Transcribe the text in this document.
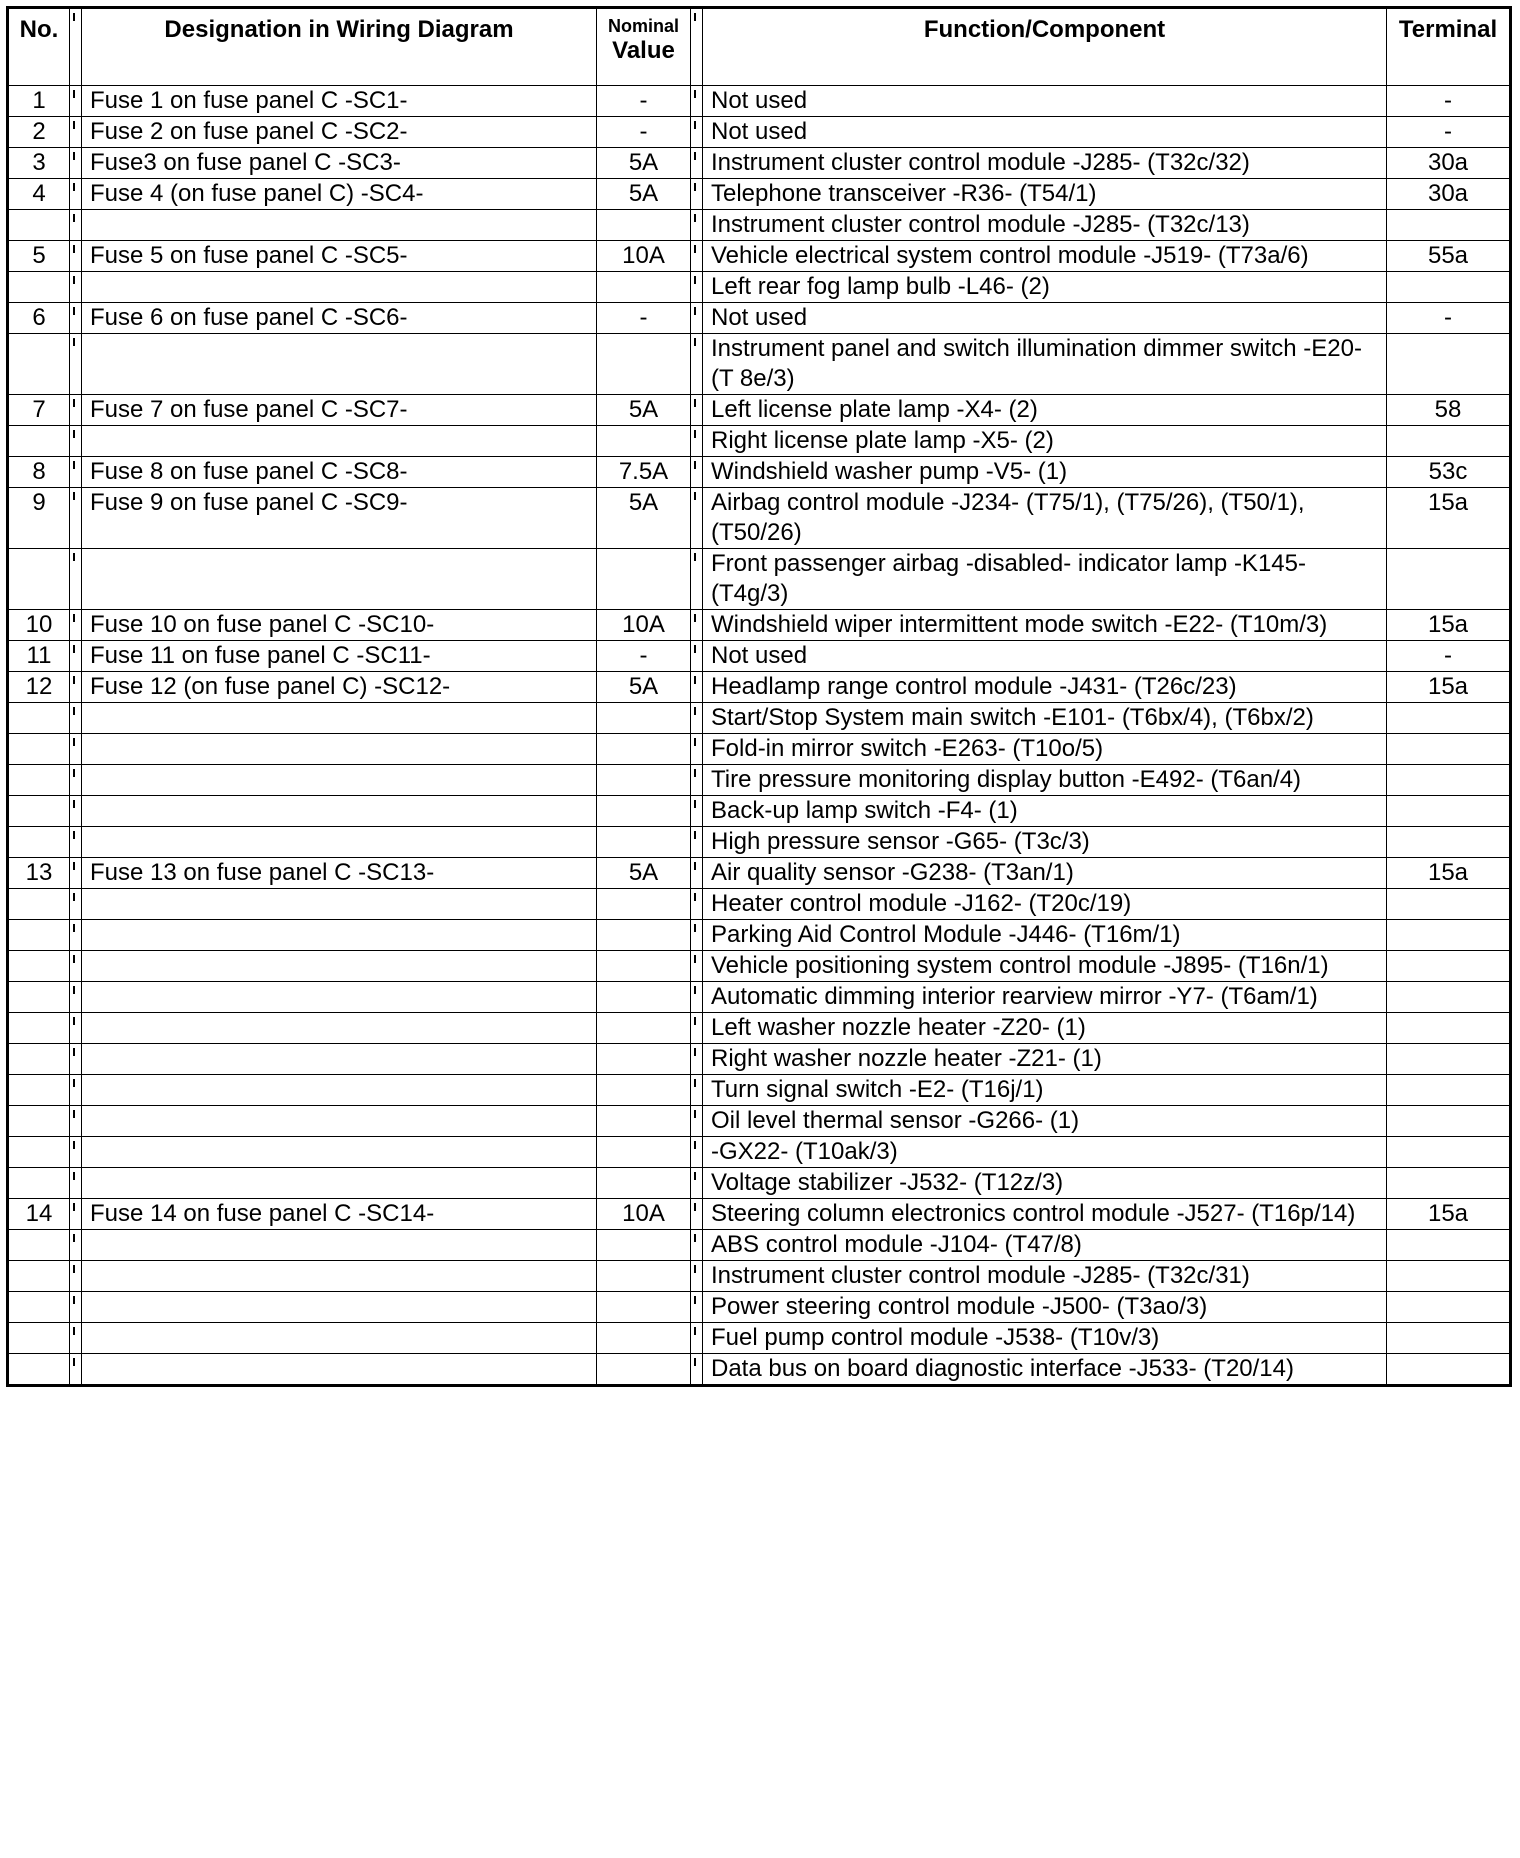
No.		Designation in Wiring Diagram	Nominal
Value		Function/Component	Terminal
1		Fuse 1 on fuse panel C -SC1-	-		Not used	-
2		Fuse 2 on fuse panel C -SC2-	-		Not used	-
3		Fuse3 on fuse panel C -SC3-	5A		Instrument cluster control module -J285- (T32c/32)	30a
4		Fuse 4 (on fuse panel C) -SC4-	5A		Telephone transceiver -R36- (T54/1)	30a
					Instrument cluster control module -J285- (T32c/13)	
5		Fuse 5 on fuse panel C -SC5-	10A		Vehicle electrical system control module -J519- (T73a/6)	55a
					Left rear fog lamp bulb -L46- (2)	
6		Fuse 6 on fuse panel C -SC6-	-		Not used	-
					Instrument panel and switch illumination dimmer switch -E20- (T 8e/3)	
7		Fuse 7 on fuse panel C -SC7-	5A		Left license plate lamp -X4- (2)	58
					Right license plate lamp -X5- (2)	
8		Fuse 8 on fuse panel C -SC8-	7.5A		Windshield washer pump -V5- (1)	53c
9		Fuse 9 on fuse panel C -SC9-	5A		Airbag control module -J234- (T75/1), (T75/26), (T50/1), (T50/26)	15a
					Front passenger airbag -disabled- indicator lamp -K145- (T4g/3)	
10		Fuse 10 on fuse panel C -SC10-	10A		Windshield wiper intermittent mode switch -E22- (T10m/3)	15a
11		Fuse 11 on fuse panel C -SC11-	-		Not used	-
12		Fuse 12 (on fuse panel C) -SC12-	5A		Headlamp range control module -J431- (T26c/23)	15a
					Start/Stop System main switch -E101- (T6bx/4), (T6bx/2)	
					Fold-in mirror switch -E263- (T10o/5)	
					Tire pressure monitoring display button -E492- (T6an/4)	
					Back-up lamp switch -F4- (1)	
					High pressure sensor -G65- (T3c/3)	
13		Fuse 13 on fuse panel C -SC13-	5A		Air quality sensor -G238- (T3an/1)	15a
					Heater control module -J162- (T20c/19)	
					Parking Aid Control Module -J446- (T16m/1)	
					Vehicle positioning system control module -J895- (T16n/1)	
					Automatic dimming interior rearview mirror -Y7- (T6am/1)	
					Left washer nozzle heater -Z20- (1)	
					Right washer nozzle heater -Z21- (1)	
					Turn signal switch -E2- (T16j/1)	
					Oil level thermal sensor -G266- (1)	
					-GX22- (T10ak/3)	
					Voltage stabilizer -J532- (T12z/3)	
14		Fuse 14 on fuse panel C -SC14-	10A		Steering column electronics control module -J527- (T16p/14)	15a
					ABS control module -J104- (T47/8)	
					Instrument cluster control module -J285- (T32c/31)	
					Power steering control module -J500- (T3ao/3)	
					Fuel pump control module -J538- (T10v/3)	
					Data bus on board diagnostic interface -J533- (T20/14)	
